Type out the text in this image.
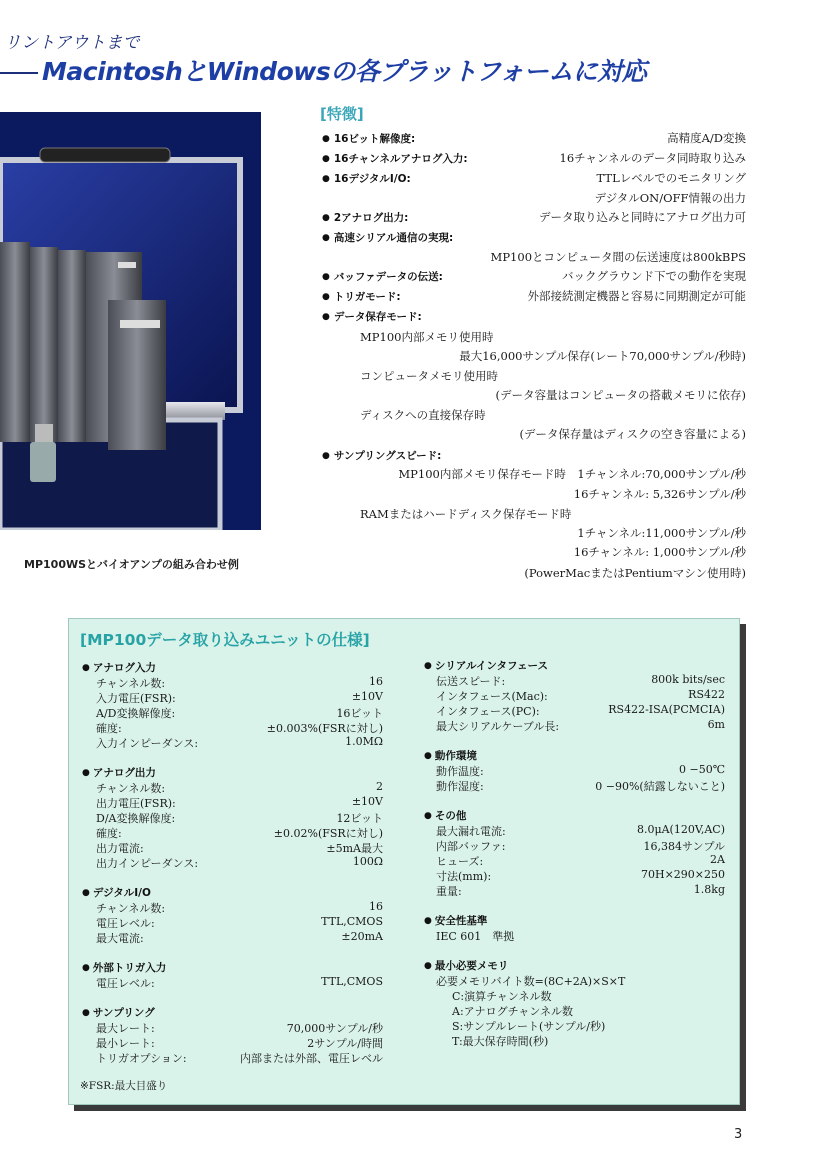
リントアウトまで
MacintoshとWindowsの各プラットフォームに対応
MP100WSとバイオアンプの組み合わせ例
[特徴]
● 16ビット解像度:	高精度A/D変換
● 16チャンネルアナログ入力:	16チャンネルのデータ同時取り込み
● 16デジタルI/O:	TTLレベルでのモニタリング
デジタルON/OFF情報の出力
● 2アナログ出力:	データ取り込みと同時にアナログ出力可
● 高速シリアル通信の実現:
MP100とコンピュータ間の伝送速度は800kBPS
● バッファデータの伝送:	バックグラウンド下での動作を実現
● トリガモード:	外部接続測定機器と容易に同期測定が可能
● データ保存モード:
MP100内部メモリ使用時
最大16,000サンプル保存(レート70,000サンプル/秒時)
コンピュータメモリ使用時
(データ容量はコンピュータの搭載メモリに依存)
ディスクへの直接保存時
(データ保存量はディスクの空き容量による)
● サンプリングスピード:
MP100内部メモリ保存モード時　1チャンネル:70,000サンプル/秒
16チャンネル: 5,326サンプル/秒
RAMまたはハードディスク保存モード時
1チャンネル:11,000サンプル/秒
16チャンネル: 1,000サンプル/秒
(PowerMacまたはPentiumマシン使用時)
[MP100データ取り込みユニットの仕様]
● アナログ入力
チャンネル数:	16
入力電圧(FSR):	±10V
A/D変換解像度:	16ビット
確度:	±0.003%(FSRに対し)
入力インピーダンス:	1.0MΩ
● アナログ出力
チャンネル数:	2
出力電圧(FSR):	±10V
D/A変換解像度:	12ビット
確度:	±0.02%(FSRに対し)
出力電流:	±5mA最大
出力インピーダンス:	100Ω
● デジタルI/O
チャンネル数:	16
電圧レベル:	TTL,CMOS
最大電流:	±20mA
● 外部トリガ入力
電圧レベル:	TTL,CMOS
● サンプリング
最大レート:	70,000サンプル/秒
最小レート:	2サンプル/時間
トリガオプション:	内部または外部、電圧レベル
※FSR:最大目盛り
● シリアルインタフェース
伝送スピード:	800k bits/sec
インタフェース(Mac):	RS422
インタフェース(PC):	RS422-ISA(PCMCIA)
最大シリアルケーブル長:	6m
● 動作環境
動作温度:	0 −50℃
動作湿度:	0 −90%(結露しないこと)
● その他
最大漏れ電流:	8.0μA(120V,AC)
内部バッファ:	16,384サンプル
ヒューズ:	2A
寸法(mm):	70H×290×250
重量:	1.8kg
● 安全性基準
IEC 601　準拠
● 最小必要メモリ
必要メモリバイト数=(8C+2A)×S×T
C:演算チャンネル数
A:アナログチャンネル数
S:サンプルレート(サンプル/秒)
T:最大保存時間(秒)
3
